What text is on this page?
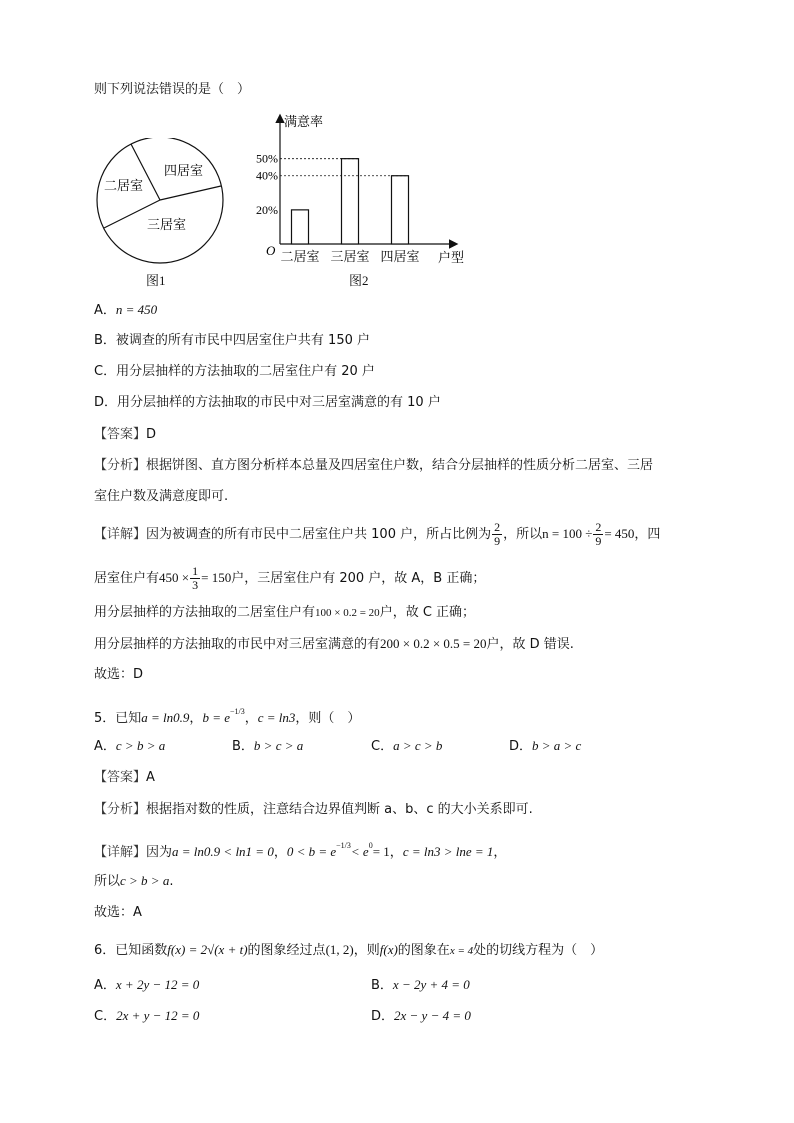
则下列说法错误的是（　）
二居室
四居室
三居室
图1
满意率
户型
O
20%
40%
50%
二居室 三居室 四居室
图2
A．n = 450
B．被调查的所有市民中四居室住户共有 150 户
C．用分层抽样的方法抽取的二居室住户有 20 户
D．用分层抽样的方法抽取的市民中对三居室满意的有 10 户
【答案】D
【分析】根据饼图、直方图分析样本总量及四居室住户数，结合分层抽样的性质分析二居室、三居
室住户数及满意度即可.
【详解】因为被调查的所有市民中二居室住户共 100 户，所占比例为 $\frac{2}{9}$ ，所以$n = 100 \div \frac{2}{9} = 450$，四
居室住户有$450 \times \frac{1}{3} = 150$户，三居室住户有 200 户，故 A，B 正确；
用分层抽样的方法抽取的二居室住户有100 × 0.2 = 20户，故 C 正确；
用分层抽样的方法抽取的市民中对三居室满意的有200 × 0.2 × 0.5 = 20户，故 D 错误.
故选：D
5．已知a = ln0.9，$b = e^{-1/3}$，c = ln3，则（　）
A．c > b > a	B．b > c > a	C．a > c > b	D．b > a > c
【答案】A
【分析】根据指对数的性质，注意结合边界值判断 a、b、c 的大小关系即可.
【详解】因为a = ln0.9 < ln1 = 0，$0 < b = e^{-1/3}< e^0= 1$，c = ln3 > lne = 1，
所以c > b > a.
故选：A
6．已知函数f(x) = 2√(x + t)的图象经过点(1, 2)，则f(x)的图象在x = 4处的切线方程为（　）
A．x + 2y − 12 = 0	B．x − 2y + 4 = 0
C．2x + y − 12 = 0	D．2x − y − 4 = 0
